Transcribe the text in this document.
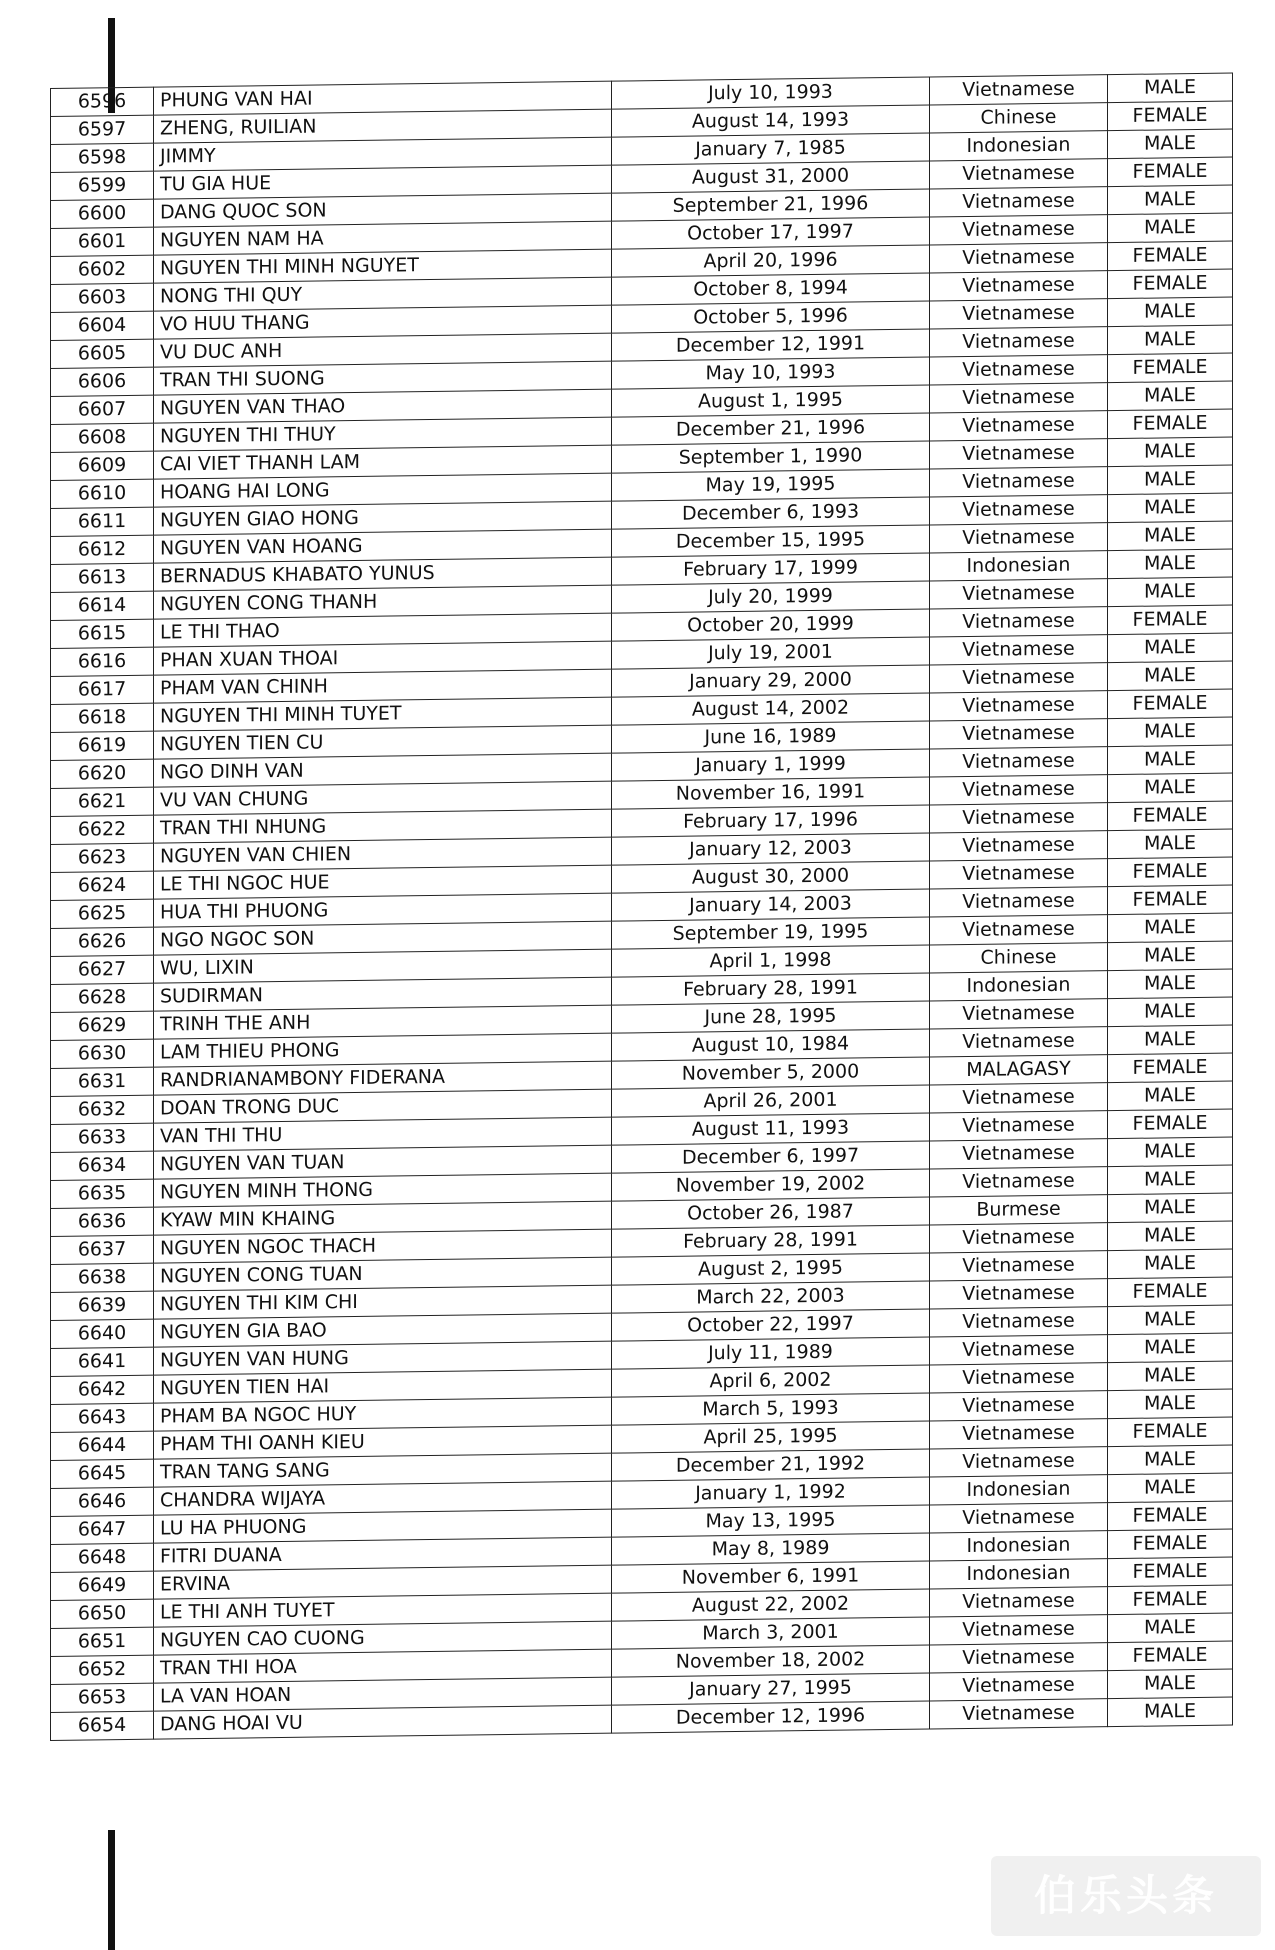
6596	PHUNG VAN HAI	July 10, 1993	Vietnamese	MALE
6597	ZHENG, RUILIAN	August 14, 1993	Chinese	FEMALE
6598	JIMMY	January 7, 1985	Indonesian	MALE
6599	TU GIA HUE	August 31, 2000	Vietnamese	FEMALE
6600	DANG QUOC SON	September 21, 1996	Vietnamese	MALE
6601	NGUYEN NAM HA	October 17, 1997	Vietnamese	MALE
6602	NGUYEN THI MINH NGUYET	April 20, 1996	Vietnamese	FEMALE
6603	NONG THI QUY	October 8, 1994	Vietnamese	FEMALE
6604	VO HUU THANG	October 5, 1996	Vietnamese	MALE
6605	VU DUC ANH	December 12, 1991	Vietnamese	MALE
6606	TRAN THI SUONG	May 10, 1993	Vietnamese	FEMALE
6607	NGUYEN VAN THAO	August 1, 1995	Vietnamese	MALE
6608	NGUYEN THI THUY	December 21, 1996	Vietnamese	FEMALE
6609	CAI VIET THANH LAM	September 1, 1990	Vietnamese	MALE
6610	HOANG HAI LONG	May 19, 1995	Vietnamese	MALE
6611	NGUYEN GIAO HONG	December 6, 1993	Vietnamese	MALE
6612	NGUYEN VAN HOANG	December 15, 1995	Vietnamese	MALE
6613	BERNADUS KHABATO YUNUS	February 17, 1999	Indonesian	MALE
6614	NGUYEN CONG THANH	July 20, 1999	Vietnamese	MALE
6615	LE THI THAO	October 20, 1999	Vietnamese	FEMALE
6616	PHAN XUAN THOAI	July 19, 2001	Vietnamese	MALE
6617	PHAM VAN CHINH	January 29, 2000	Vietnamese	MALE
6618	NGUYEN THI MINH TUYET	August 14, 2002	Vietnamese	FEMALE
6619	NGUYEN TIEN CU	June 16, 1989	Vietnamese	MALE
6620	NGO DINH VAN	January 1, 1999	Vietnamese	MALE
6621	VU VAN CHUNG	November 16, 1991	Vietnamese	MALE
6622	TRAN THI NHUNG	February 17, 1996	Vietnamese	FEMALE
6623	NGUYEN VAN CHIEN	January 12, 2003	Vietnamese	MALE
6624	LE THI NGOC HUE	August 30, 2000	Vietnamese	FEMALE
6625	HUA THI PHUONG	January 14, 2003	Vietnamese	FEMALE
6626	NGO NGOC SON	September 19, 1995	Vietnamese	MALE
6627	WU, LIXIN	April 1, 1998	Chinese	MALE
6628	SUDIRMAN	February 28, 1991	Indonesian	MALE
6629	TRINH THE ANH	June 28, 1995	Vietnamese	MALE
6630	LAM THIEU PHONG	August 10, 1984	Vietnamese	MALE
6631	RANDRIANAMBONY FIDERANA	November 5, 2000	MALAGASY	FEMALE
6632	DOAN TRONG DUC	April 26, 2001	Vietnamese	MALE
6633	VAN THI THU	August 11, 1993	Vietnamese	FEMALE
6634	NGUYEN VAN TUAN	December 6, 1997	Vietnamese	MALE
6635	NGUYEN MINH THONG	November 19, 2002	Vietnamese	MALE
6636	KYAW MIN KHAING	October 26, 1987	Burmese	MALE
6637	NGUYEN NGOC THACH	February 28, 1991	Vietnamese	MALE
6638	NGUYEN CONG TUAN	August 2, 1995	Vietnamese	MALE
6639	NGUYEN THI KIM CHI	March 22, 2003	Vietnamese	FEMALE
6640	NGUYEN GIA BAO	October 22, 1997	Vietnamese	MALE
6641	NGUYEN VAN HUNG	July 11, 1989	Vietnamese	MALE
6642	NGUYEN TIEN HAI	April 6, 2002	Vietnamese	MALE
6643	PHAM BA NGOC HUY	March 5, 1993	Vietnamese	MALE
6644	PHAM THI OANH KIEU	April 25, 1995	Vietnamese	FEMALE
6645	TRAN TANG SANG	December 21, 1992	Vietnamese	MALE
6646	CHANDRA WIJAYA	January 1, 1992	Indonesian	MALE
6647	LU HA PHUONG	May 13, 1995	Vietnamese	FEMALE
6648	FITRI DUANA	May 8, 1989	Indonesian	FEMALE
6649	ERVINA	November 6, 1991	Indonesian	FEMALE
6650	LE THI ANH TUYET	August 22, 2002	Vietnamese	FEMALE
6651	NGUYEN CAO CUONG	March 3, 2001	Vietnamese	MALE
6652	TRAN THI HOA	November 18, 2002	Vietnamese	FEMALE
6653	LA VAN HOAN	January 27, 1995	Vietnamese	MALE
6654	DANG HOAI VU	December 12, 1996	Vietnamese	MALE
伯乐头条
